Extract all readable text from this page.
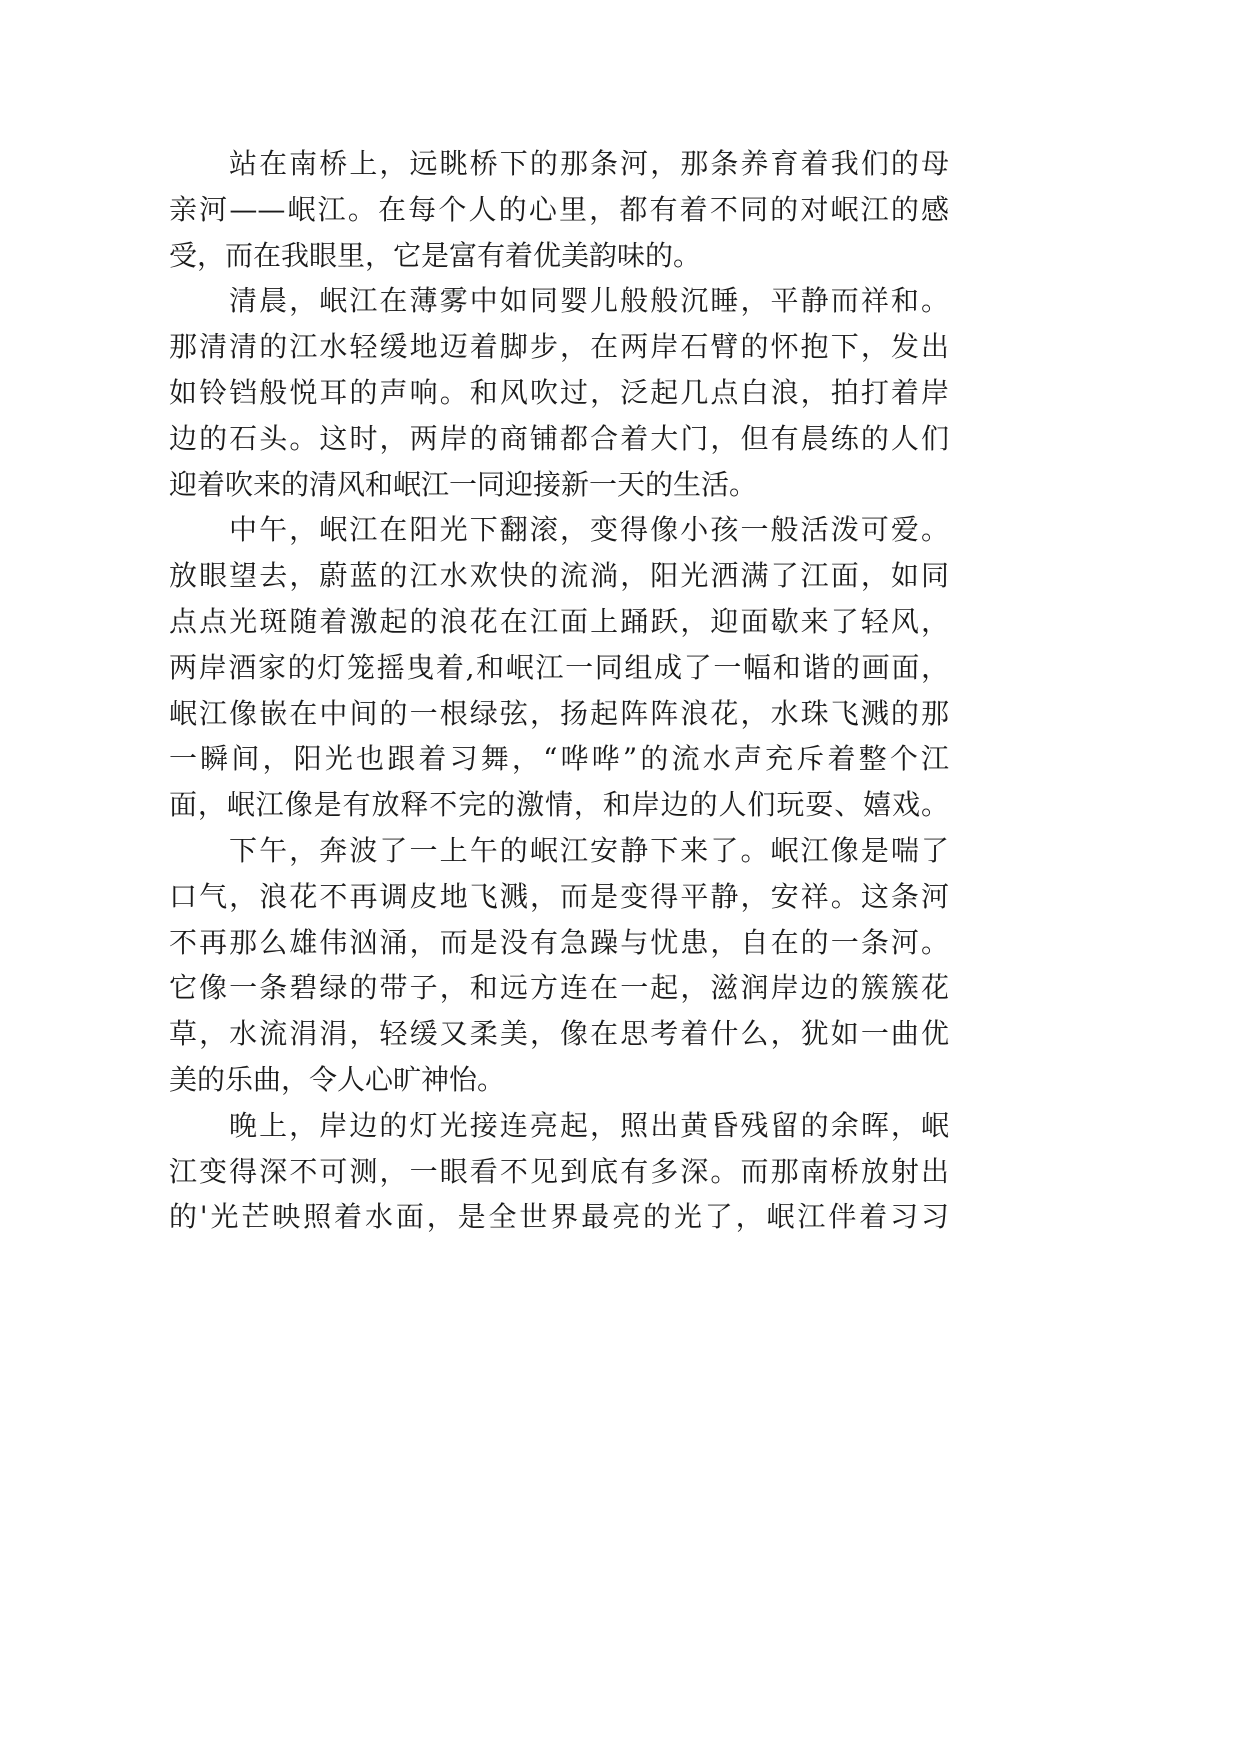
站在南桥上，远眺桥下的那条河，那条养育着我们的母
亲河——岷江。在每个人的心里，都有着不同的对岷江的感
受，而在我眼里，它是富有着优美韵味的。
清晨，岷江在薄雾中如同婴儿般般沉睡，平静而祥和。
那清清的江水轻缓地迈着脚步，在两岸石臂的怀抱下，发出
如铃铛般悦耳的声响。和风吹过，泛起几点白浪，拍打着岸
边的石头。这时，两岸的商铺都合着大门，但有晨练的人们
迎着吹来的清风和岷江一同迎接新一天的生活。
中午，岷江在阳光下翻滚，变得像小孩一般活泼可爱。
放眼望去，蔚蓝的江水欢快的流淌，阳光洒满了江面，如同
点点光斑随着激起的浪花在江面上踊跃，迎面歇来了轻风，
两岸酒家的灯笼摇曳着,和岷江一同组成了一幅和谐的画面，
岷江像嵌在中间的一根绿弦，扬起阵阵浪花，水珠飞溅的那
一瞬间，阳光也跟着习舞，“哗哗”的流水声充斥着整个江
面，岷江像是有放释不完的激情，和岸边的人们玩耍、嬉戏。
下午，奔波了一上午的岷江安静下来了。岷江像是喘了
口气，浪花不再调皮地飞溅，而是变得平静，安祥。这条河
不再那么雄伟汹涌，而是没有急躁与忧患，自在的一条河。
它像一条碧绿的带子，和远方连在一起，滋润岸边的簇簇花
草，水流涓涓，轻缓又柔美，像在思考着什么，犹如一曲优
美的乐曲，令人心旷神怡。
晚上，岸边的灯光接连亮起，照出黄昏残留的余晖，岷
江变得深不可测，一眼看不见到底有多深。而那南桥放射出
的'光芒映照着水面，是全世界最亮的光了，岷江伴着习习
